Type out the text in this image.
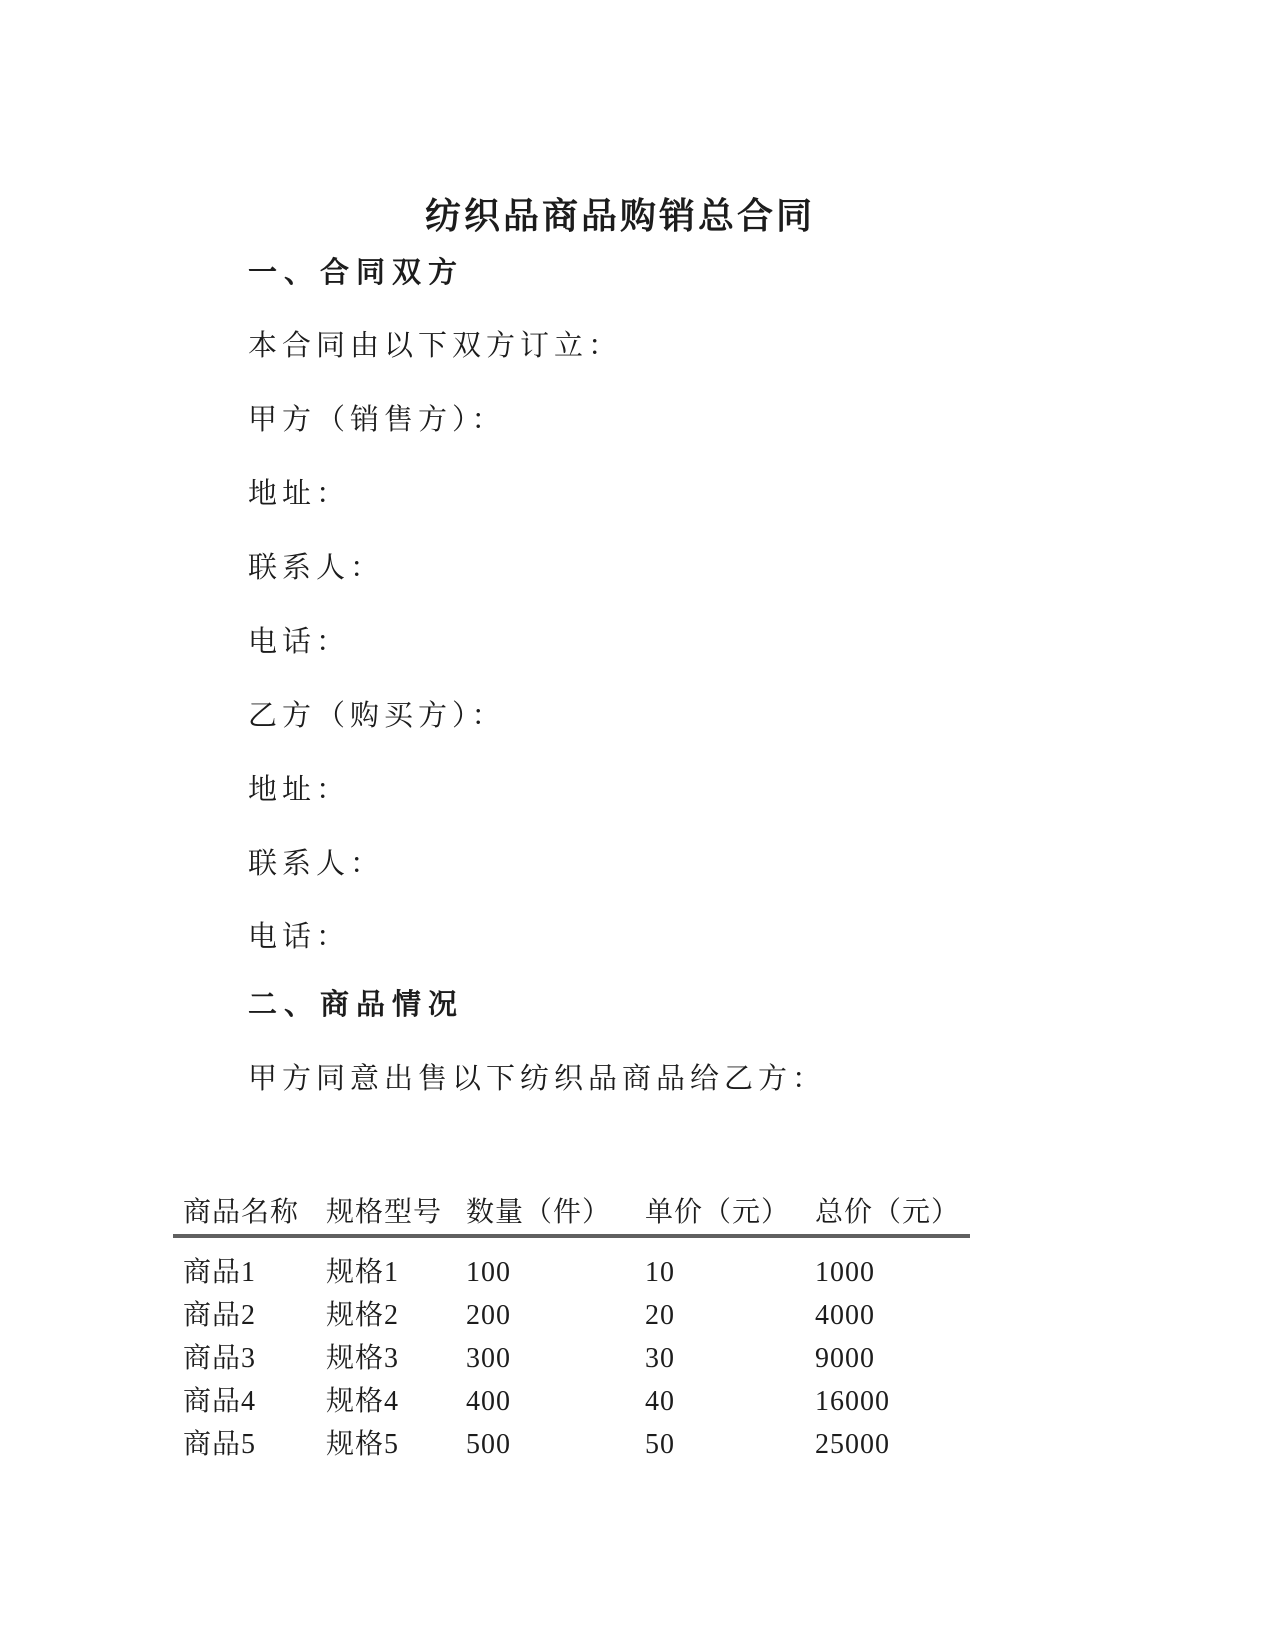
纺织品商品购销总合同
一、合同双方

本合同由以下双方订立：

甲方（销售方）：

地址：

联系人：

电话：

乙方（购买方）：

地址：

联系人：

电话：

二、商品情况

甲方同意出售以下纺织品商品给乙方：

商品名称	规格型号	数量（件）	单价（元）	总价（元）
商品1	规格1	100	10	1000
商品2	规格2	200	20	4000
商品3	规格3	300	30	9000
商品4	规格4	400	40	16000
商品5	规格5	500	50	25000
